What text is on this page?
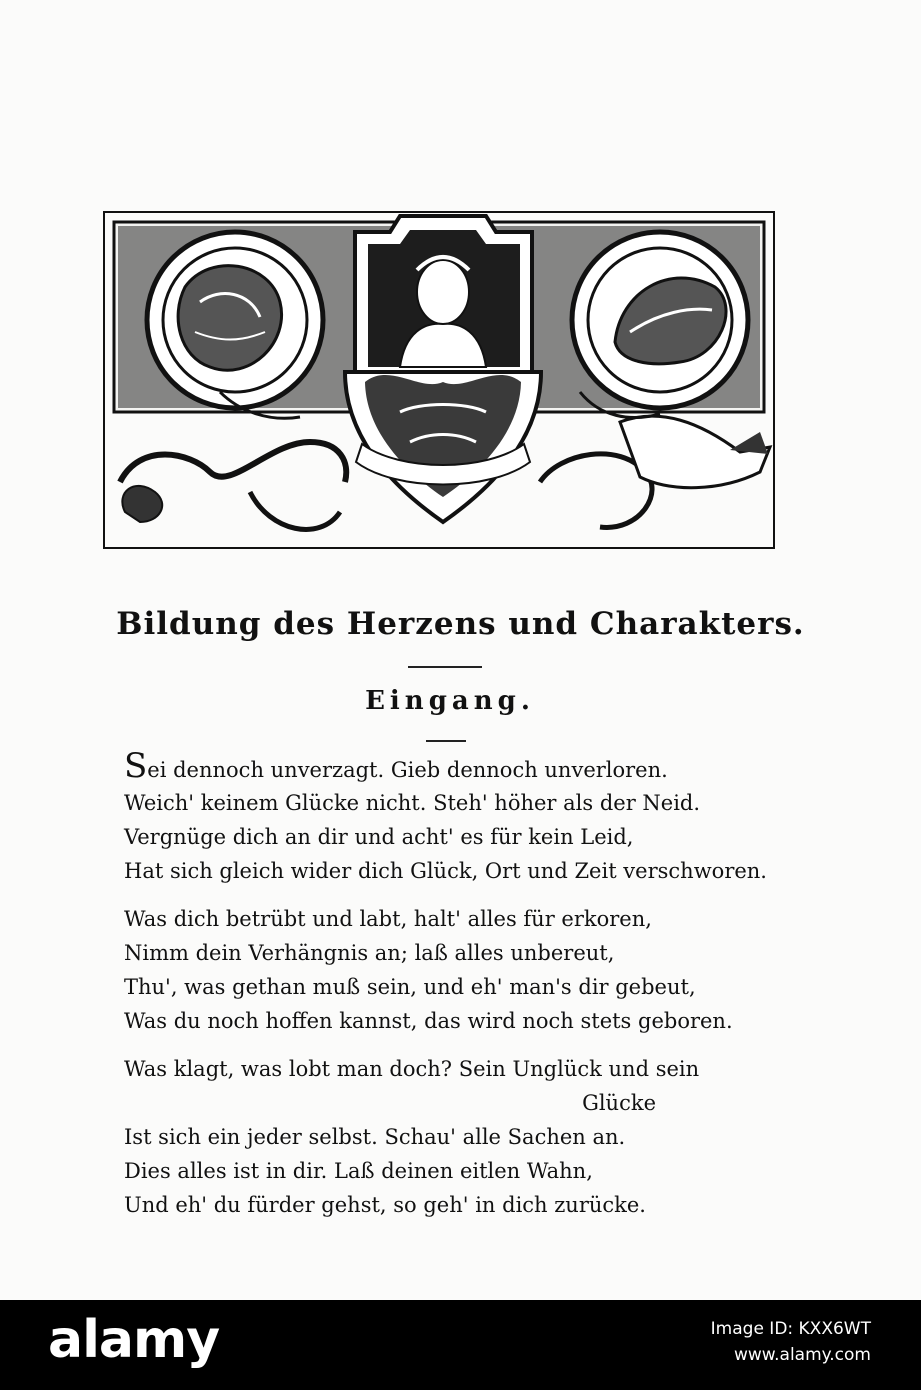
Bildung des Herzens und Charakters.
Eingang.
Sei dennoch unverzagt. Gieb dennoch unverloren.
Weich' keinem Glücke nicht. Steh' höher als der Neid.
Vergnüge dich an dir und acht' es für kein Leid,
Hat sich gleich wider dich Glück, Ort und Zeit verschworen.
Was dich betrübt und labt, halt' alles für erkoren,
Nimm dein Verhängnis an; laß alles unbereut,
Thu', was gethan muß sein, und eh' man's dir gebeut,
Was du noch hoffen kannst, das wird noch stets geboren.
Was klagt, was lobt man doch? Sein Unglück und sein
Glücke
Ist sich ein jeder selbst. Schau' alle Sachen an.
Dies alles ist in dir. Laß deinen eitlen Wahn,
Und eh' du fürder gehst, so geh' in dich zurücke.
alamy	Image ID: KXX6WT
www.alamy.com
